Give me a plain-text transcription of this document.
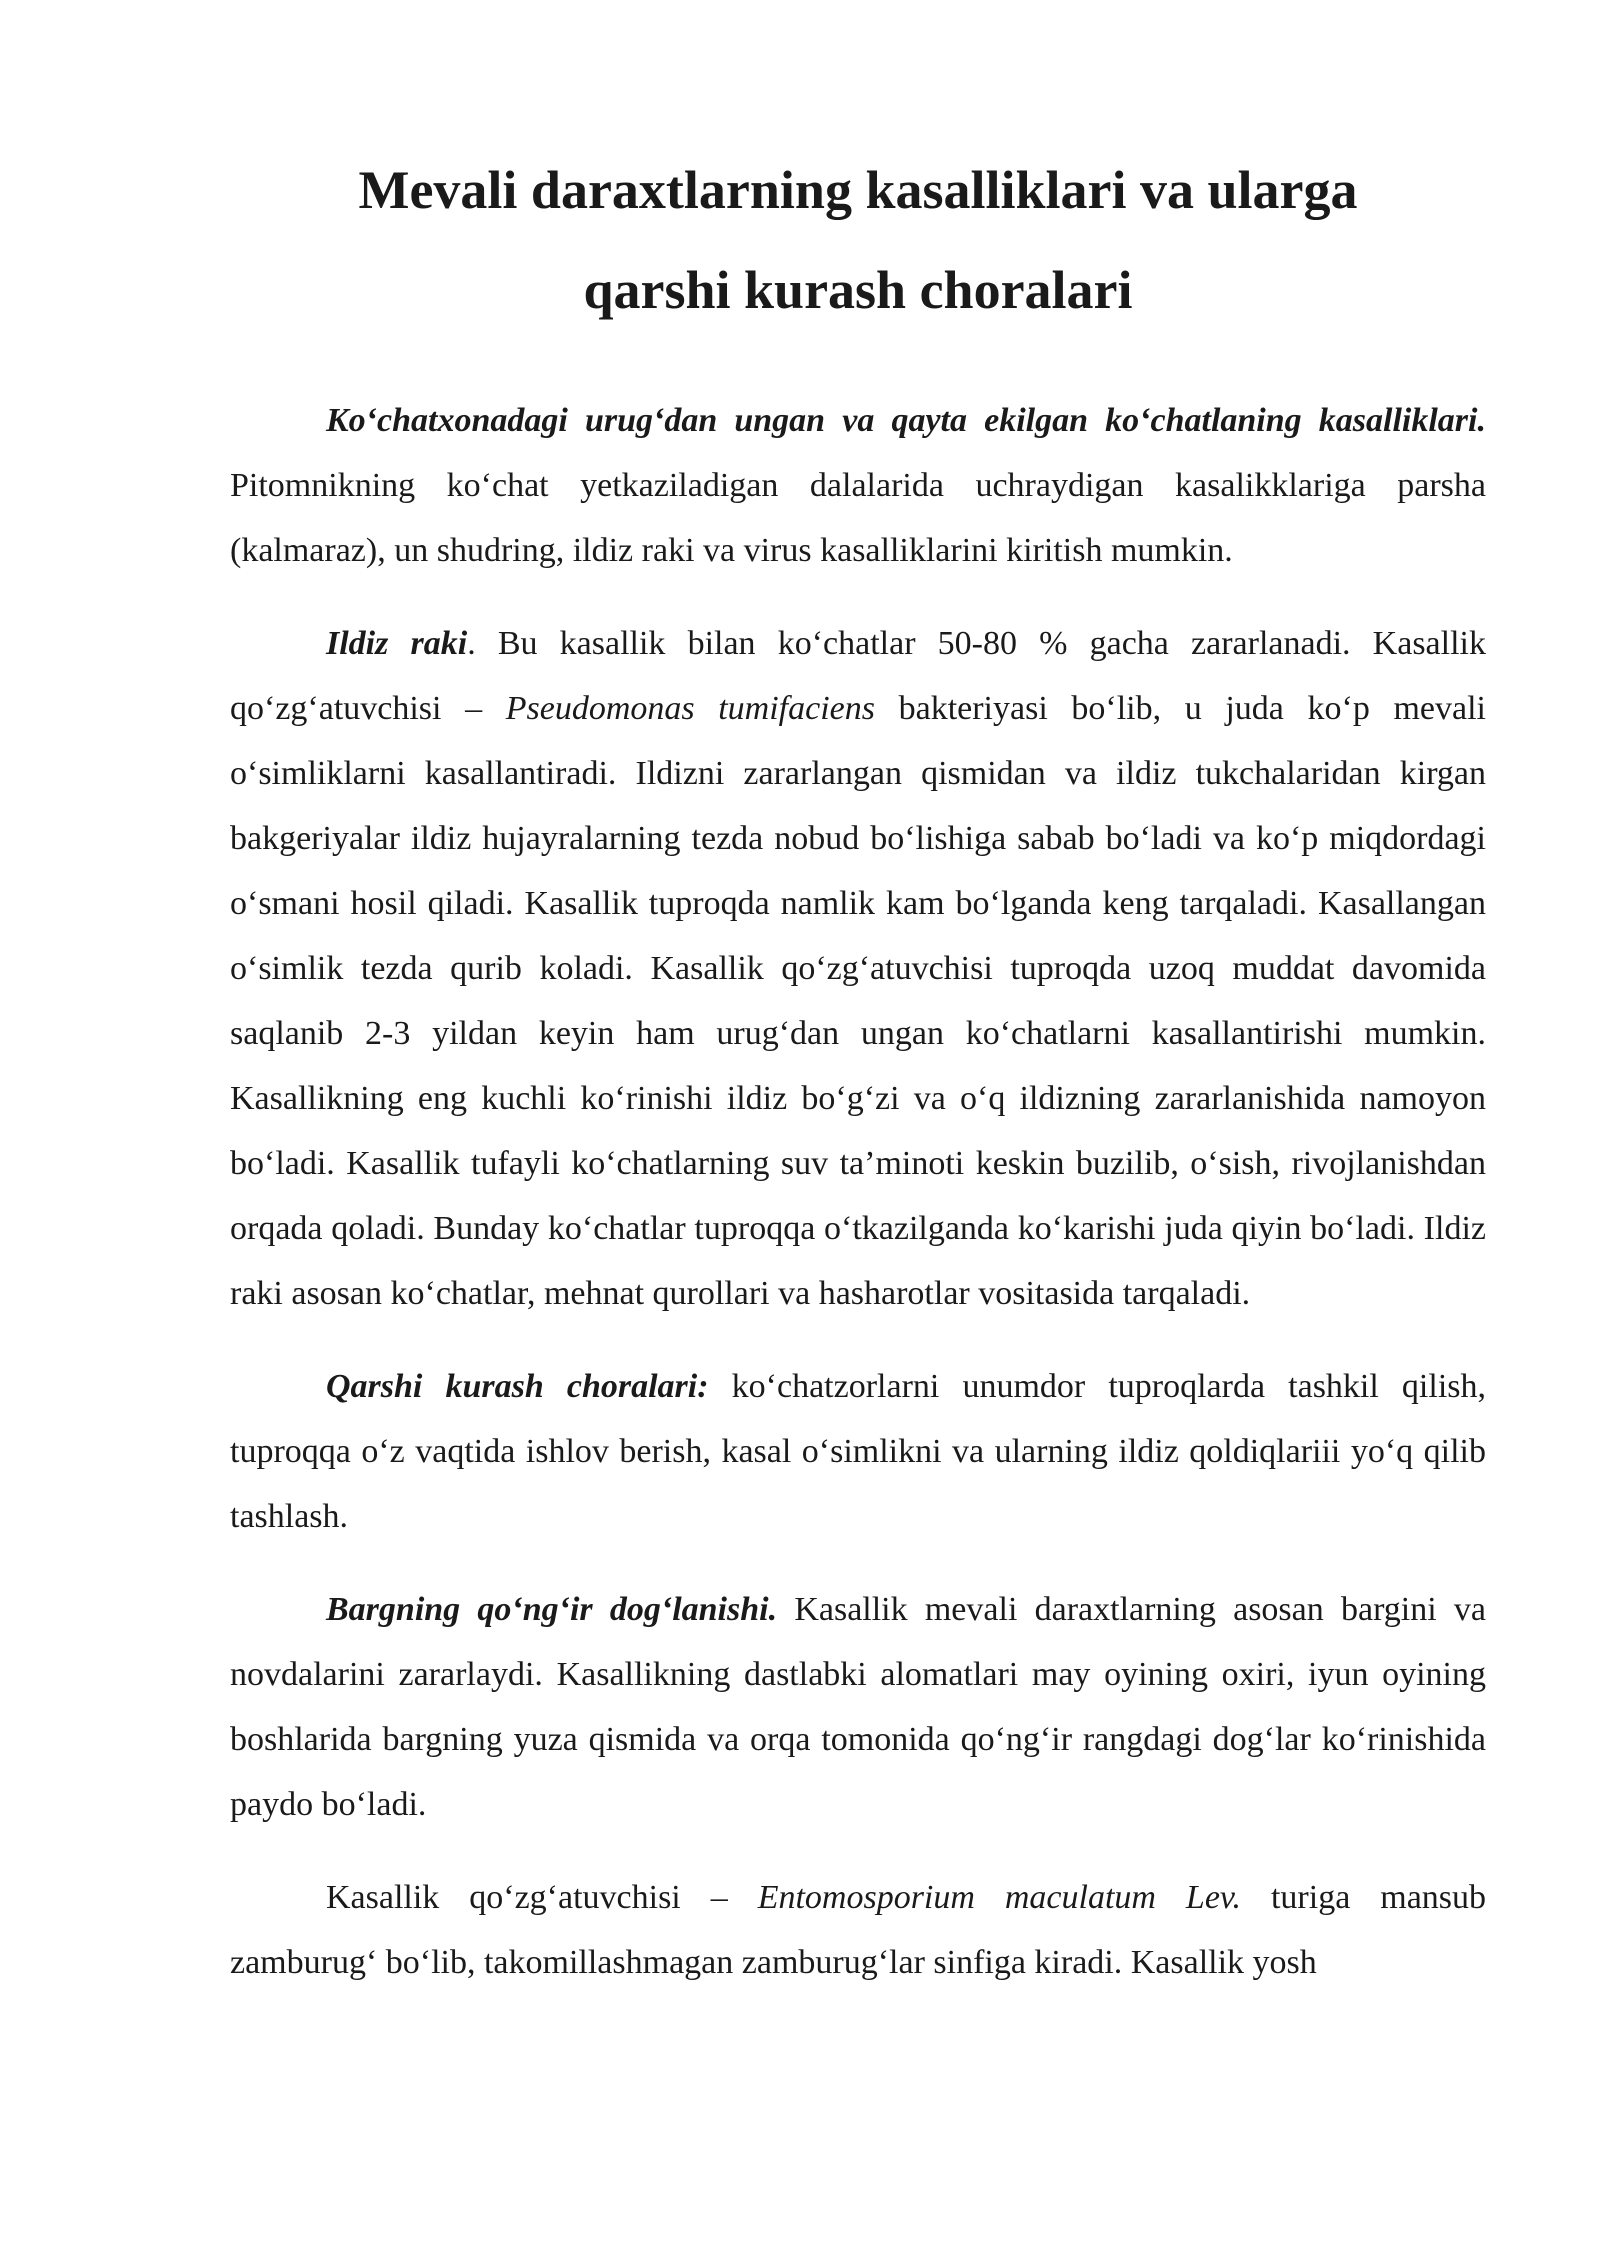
Mevali daraxtlarning kasalliklari va ularga
qarshi kurash choralari

Ko‘chatxonadagi urug‘dan ungan va qayta ekilgan ko‘chatlaning kasalliklari. Pitomnikning ko‘chat yetkaziladigan dalalarida uchraydigan kasalikklariga parsha (kalmaraz), un shudring, ildiz raki va virus kasalliklarini kiritish mumkin.

Ildiz raki. Bu kasallik bilan ko‘chatlar 50-80 % gacha zararlanadi. Kasallik qo‘zg‘atuvchisi – Pseudomonas tumifaciens bakteriyasi bo‘lib, u juda ko‘p mevali o‘simliklarni kasallantiradi. Ildizni zararlangan qismidan va ildiz tukchalaridan kirgan bakgeriyalar ildiz hujayralarning tezda nobud bo‘lishiga sabab bo‘ladi va ko‘p miqdordagi o‘smani hosil qiladi. Kasallik tuproqda namlik kam bo‘lganda keng tarqaladi. Kasallangan o‘simlik tezda qurib koladi. Kasallik qo‘zg‘atuvchisi tuproqda uzoq muddat davomida saqlanib 2-3 yildan keyin ham urug‘dan ungan ko‘chatlarni kasallantirishi mumkin. Kasallikning eng kuchli ko‘rinishi ildiz bo‘g‘zi va o‘q ildizning zararlanishida namoyon bo‘ladi. Kasallik tufayli ko‘chatlarning suv ta’minoti keskin buzilib, o‘sish, rivojlanishdan orqada qoladi. Bunday ko‘chatlar tuproqqa o‘tkazilganda ko‘karishi juda qiyin bo‘ladi. Ildiz raki asosan ko‘chatlar, mehnat qurollari va hasharotlar vositasida tarqaladi.

Qarshi kurash choralari: ko‘chatzorlarni unumdor tuproqlarda tashkil qilish, tuproqqa o‘z vaqtida ishlov berish, kasal o‘simlikni va ularning ildiz qoldiqlariii yo‘q qilib tashlash.

Bargning qo‘ng‘ir dog‘lanishi. Kasallik mevali daraxtlarning asosan bargini va novdalarini zararlaydi. Kasallikning dastlabki alomatlari may oyining oxiri, iyun oyining boshlarida bargning yuza qismida va orqa tomonida qo‘ng‘ir rangdagi dog‘lar ko‘rinishida paydo bo‘ladi.

Kasallik qo‘zg‘atuvchisi – Entomosporium maculatum Lev. turiga mansub zamburug‘ bo‘lib, takomillashmagan zamburug‘lar sinfiga kiradi. Kasallik yosh
